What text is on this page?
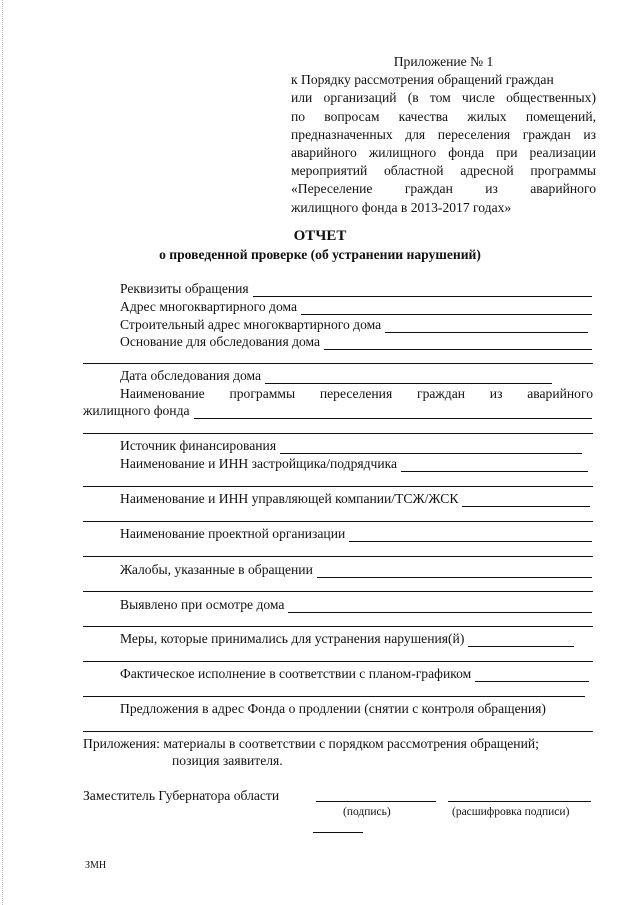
Приложение № 1
к Порядку рассмотрения обращений граждан
или организаций (в том числе общественных)
по вопросам качества жилых помещений,
предназначенных для переселения граждан из
аварийного жилищного фонда при реализации
мероприятий областной адресной программы
«Переселение граждан из аварийного
жилищного фонда в 2013-2017 годах»
ОТЧЕТ
о проведенной проверке (об устранении нарушений)
Реквизиты обращения
Адрес многоквартирного дома
Строительный адрес многоквартирного дома
Основание для обследования дома
Дата обследования дома
Наименование программы переселения граждан из аварийного
жилищного фонда
Источник финансирования
Наименование и ИНН застройщика/подрядчика
Наименование и ИНН управляющей компании/ТСЖ/ЖСК
Наименование проектной организации
Жалобы, указанные в обращении
Выявлено при осмотре дома
Меры, которые принимались для устранения нарушения(й)
Фактическое исполнение в соответствии с планом-графиком
Предложения в адрес Фонда о продлении (снятии с контроля обращения)
Приложения: материалы в соответствии с порядком рассмотрения обращений;
позиция заявителя.
Заместитель Губернатора области
(подпись)	(расшифровка подписи)
ЗМН
